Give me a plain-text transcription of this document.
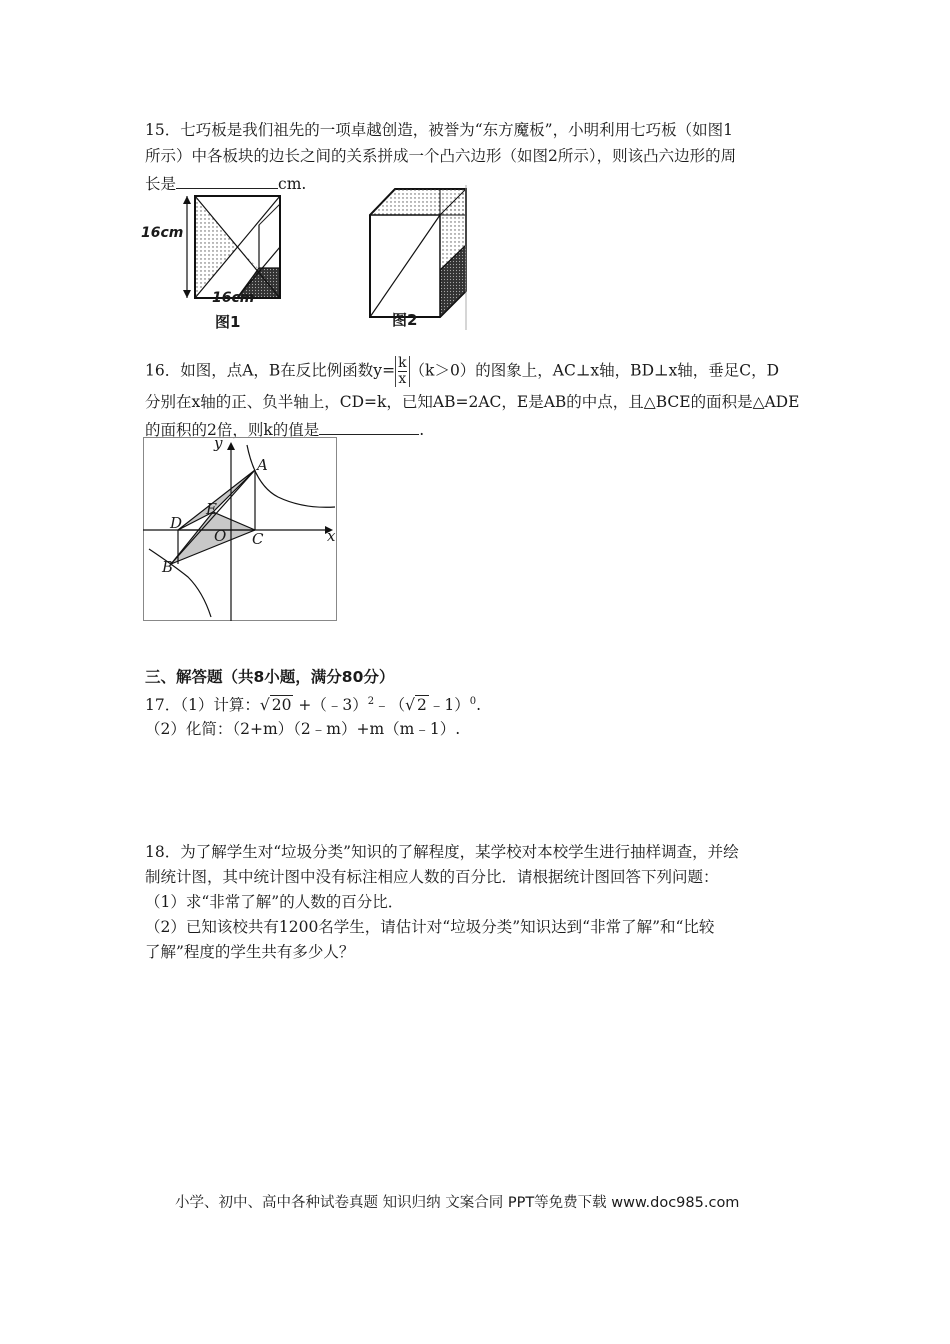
15．七巧板是我们祖先的一项卓越创造，被誉为“东方魔板”，小明利用七巧板（如图1
所示）中各板块的边长之间的关系拼成一个凸六边形（如图2所示），则该凸六边形的周
长是	cm.
16cm
16cm
图1	图2
16．如图，点A，B在反比例函数$y= \frac{k}{x} (k>0)$的图象上，AC⊥x轴，BD⊥x轴，垂足C，D
分别在x轴的正、负半轴上，CD=k，已知AB=2AC，E是AB的中点，且△BCE的面积是△ADE
的面积的2倍，则k的值是	.
y
x
A
E
D
O C
B
三、解答题（共8小题，满分80分）
17．（1）计算：√ 20 +（﹣3）$^2$﹣（√ 2 ﹣1）$^0$.
（2）化简：（2+m）（2﹣m）+m（m﹣1）.
18．为了解学生对“垃圾分类”知识的了解程度，某学校对本校学生进行抽样调查，并绘
制统计图，其中统计图中没有标注相应人数的百分比．请根据统计图回答下列问题：
（1）求“非常了解”的人数的百分比．
（2）已知该校共有1200名学生，请估计对“垃圾分类”知识达到“非常了解”和“比较
了解”程度的学生共有多少人？
小学、初中、高中各种试卷真题 知识归纳 文案合同 PPT等免费下载 www.doc985.com
